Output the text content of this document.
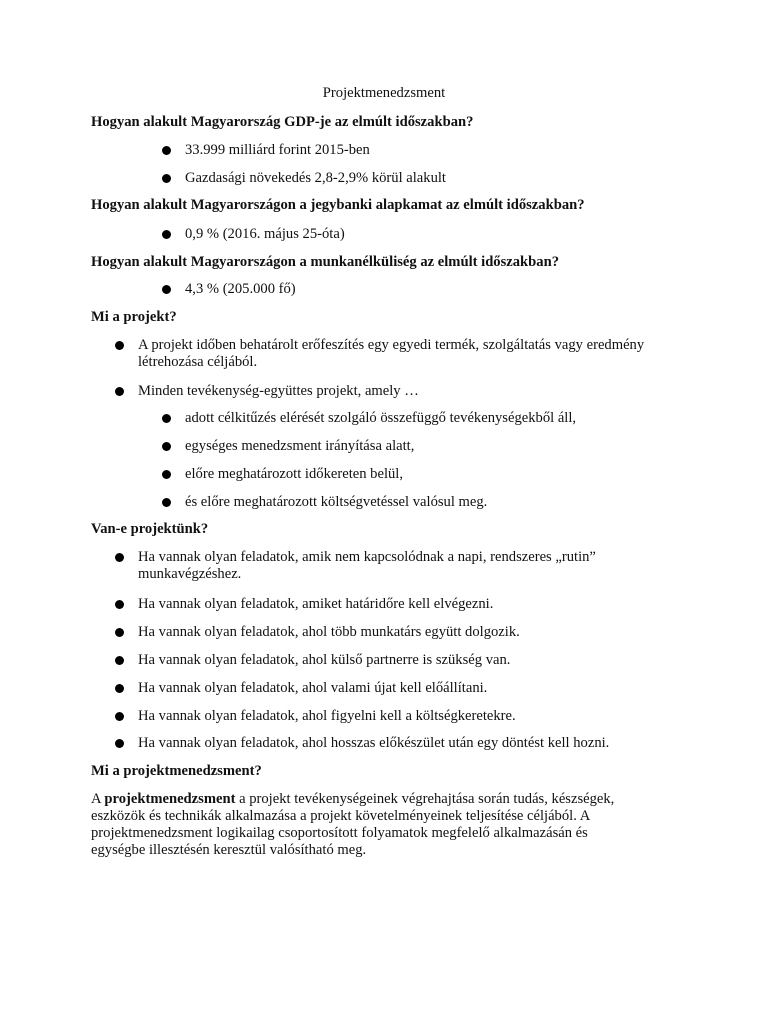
Projektmenedzsment
Hogyan alakult Magyarország GDP-je az elmúlt időszakban?
33.999 milliárd forint 2015-ben
Gazdasági növekedés 2,8-2,9% körül alakult
Hogyan alakult Magyarországon a jegybanki alapkamat az elmúlt időszakban?
0,9 % (2016. május 25-óta)
Hogyan alakult Magyarországon a munkanélküliség az elmúlt időszakban?
4,3 % (205.000 fő)
Mi a projekt?
A projekt időben behatárolt erőfeszítés egy egyedi termék, szolgáltatás vagy eredmény
létrehozása céljából.
Minden tevékenység-együttes projekt, amely …
adott célkitűzés elérését szolgáló összefüggő tevékenységekből áll,
egységes menedzsment irányítása alatt,
előre meghatározott időkereten belül,
és előre meghatározott költségvetéssel valósul meg.
Van-e projektünk?
Ha vannak olyan feladatok, amik nem kapcsolódnak a napi, rendszeres „rutin”
munkavégzéshez.
Ha vannak olyan feladatok, amiket határidőre kell elvégezni.
Ha vannak olyan feladatok, ahol több munkatárs együtt dolgozik.
Ha vannak olyan feladatok, ahol külső partnerre is szükség van.
Ha vannak olyan feladatok, ahol valami újat kell előállítani.
Ha vannak olyan feladatok, ahol figyelni kell a költségkeretekre.
Ha vannak olyan feladatok, ahol hosszas előkészület után egy döntést kell hozni.
Mi a projektmenedzsment?
A projektmenedzsment a projekt tevékenységeinek végrehajtása során tudás, készségek,
eszközök és technikák alkalmazása a projekt követelményeinek teljesítése céljából. A
projektmenedzsment logikailag csoportosított folyamatok megfelelő alkalmazásán és
egységbe illesztésén keresztül valósítható meg.
